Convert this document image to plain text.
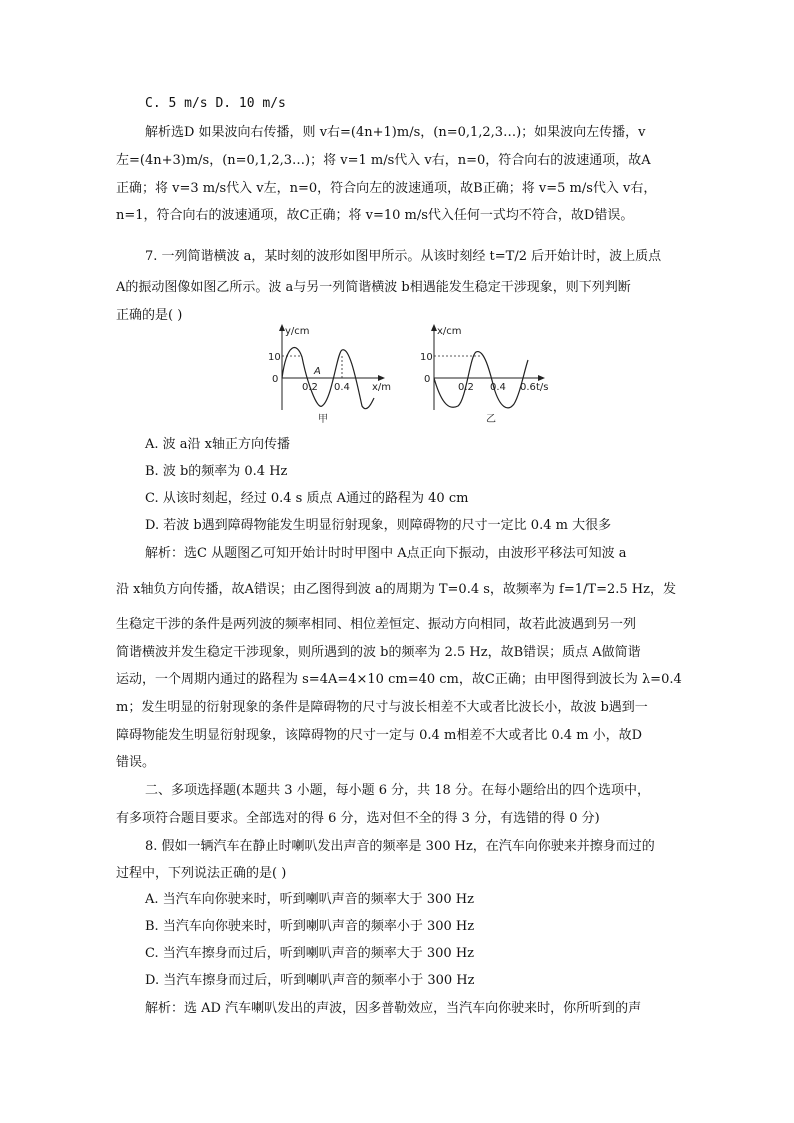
C. 5 m/s D. 10 m/s
解析选D 如果波向右传播，则 v右=(4n+1)m/s，(n=0,1,2,3…)；如果波向左传播，v
左=(4n+3)m/s，(n=0,1,2,3…)；将 v=1 m/s代入 v右，n=0，符合向右的波速通项，故A
正确；将 v=3 m/s代入 v左，n=0，符合向左的波速通项，故B正确；将 v=5 m/s代入 v右，
n=1，符合向右的波速通项，故C正确；将 v=10 m/s代入任何一式均不符合，故D错误。
7. 一列简谐横波 a，某时刻的波形如图甲所示。从该时刻经 t=T/2 后开始计时，波上质点
A的振动图像如图乙所示。波 a与另一列简谐横波 b相遇能发生稳定干涉现象，则下列判断
正确的是( )
A. 波 a沿 x轴正方向传播
B. 波 b的频率为 0.4 Hz
C. 从该时刻起，经过 0.4 s 质点 A通过的路程为 40 cm
D. 若波 b遇到障碍物能发生明显衍射现象，则障碍物的尺寸一定比 0.4 m 大很多
解析：选C 从题图乙可知开始计时时甲图中 A点正向下振动，由波形平移法可知波 a
沿 x轴负方向传播，故A错误；由乙图得到波 a的周期为 T=0.4 s，故频率为 f=1/T=2.5 Hz，发
生稳定干涉的条件是两列波的频率相同、相位差恒定、振动方向相同，故若此波遇到另一列
简谐横波并发生稳定干涉现象，则所遇到的波 b的频率为 2.5 Hz，故B错误；质点 A做简谐
运动，一个周期内通过的路程为 s=4A=4×10 cm=40 cm，故C正确；由甲图得到波长为 λ=0.4
m；发生明显的衍射现象的条件是障碍物的尺寸与波长相差不大或者比波长小，故波 b遇到一
障碍物能发生明显衍射现象，该障碍物的尺寸一定与 0.4 m相差不大或者比 0.4 m 小，故D
错误。
二、多项选择题(本题共 3 小题，每小题 6 分，共 18 分。在每小题给出的四个选项中，
有多项符合题目要求。全部选对的得 6 分，选对但不全的得 3 分，有选错的得 0 分)
8. 假如一辆汽车在静止时喇叭发出声音的频率是 300 Hz，在汽车向你驶来并擦身而过的
过程中，下列说法正确的是( )
A. 当汽车向你驶来时，听到喇叭声音的频率大于 300 Hz
B. 当汽车向你驶来时，听到喇叭声音的频率小于 300 Hz
C. 当汽车擦身而过后，听到喇叭声音的频率大于 300 Hz
D. 当汽车擦身而过后，听到喇叭声音的频率小于 300 Hz
解析：选 AD 汽车喇叭发出的声波，因多普勒效应，当汽车向你驶来时，你所听到的声
y/cm
10
0
0.2 0.4 x/m
A
甲
x/cm
10
0
0.2 0.4 0.6 t/s
乙
